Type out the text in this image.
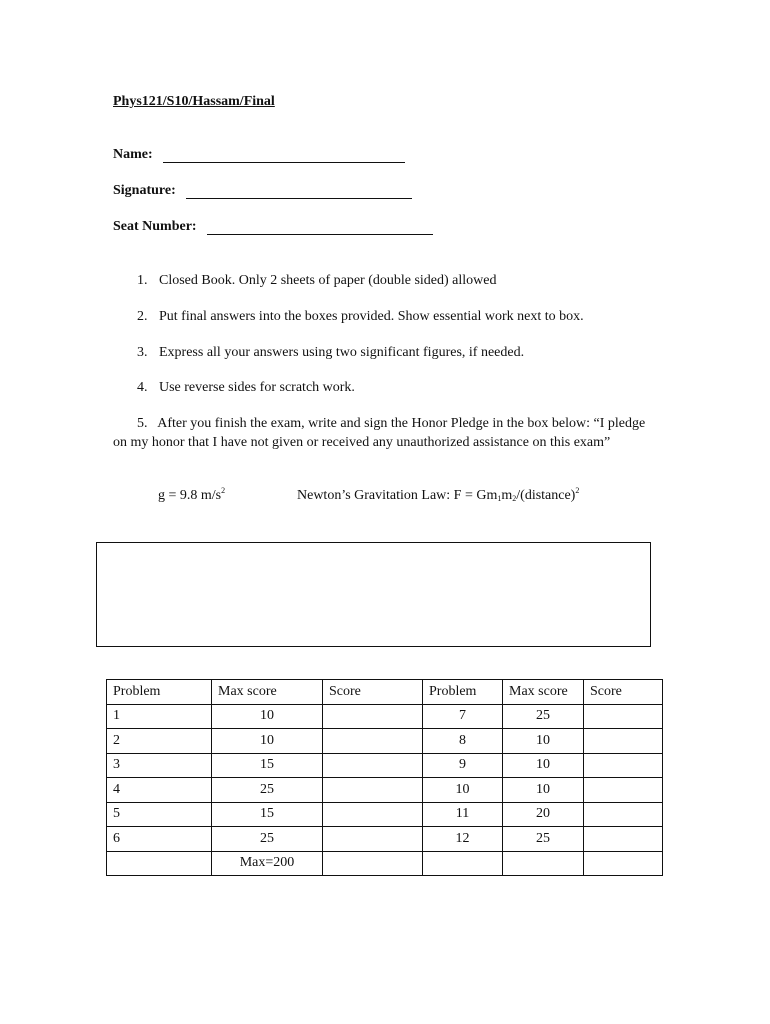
Phys121/S10/Hassam/Final
Name:
Signature:
Seat Number:
1. Closed Book. Only 2 sheets of paper (double sided) allowed
2. Put final answers into the boxes provided. Show essential work next to box.
3. Express all your answers using two significant figures, if needed.
4. Use reverse sides for scratch work.
5. After you finish the exam, write and sign the Honor Pledge in the box below: “I pledge on my honor that I have not given or received any unauthorized assistance on this exam”
g = 9.8 $m/s^2$	Newton’s Gravitation Law: $F = Gm_1m_2/(distance)^2$
Problem	Max score	Score	Problem	Max score	Score
1	10		7	25	
2	10		8	10	
3	15		9	10	
4	25		10	10	
5	15		11	20	
6	25		12	25	
	Max=200				
